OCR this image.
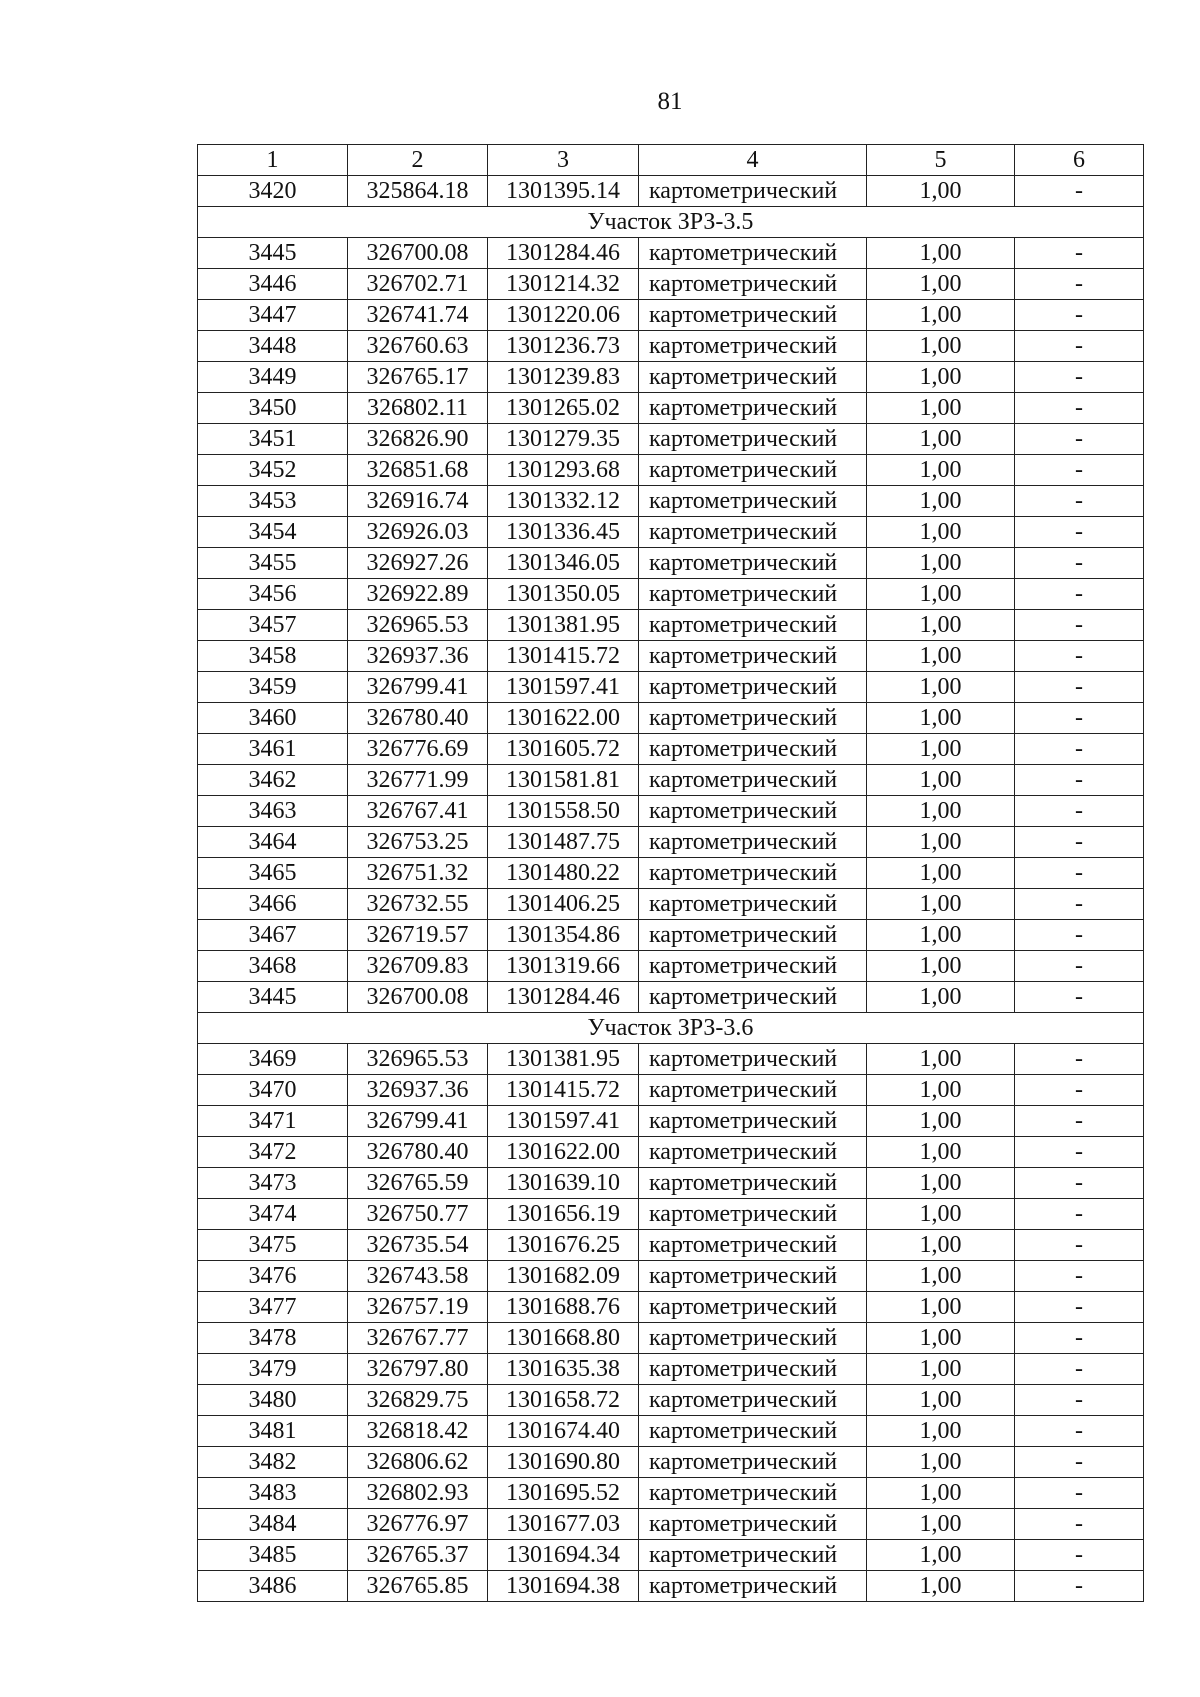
81
1	2	3	4	5	6
3420	325864.18	1301395.14	картометрический	1,00	-
Участок ЗРЗ-3.5					
3445	326700.08	1301284.46	картометрический	1,00	-
3446	326702.71	1301214.32	картометрический	1,00	-
3447	326741.74	1301220.06	картометрический	1,00	-
3448	326760.63	1301236.73	картометрический	1,00	-
3449	326765.17	1301239.83	картометрический	1,00	-
3450	326802.11	1301265.02	картометрический	1,00	-
3451	326826.90	1301279.35	картометрический	1,00	-
3452	326851.68	1301293.68	картометрический	1,00	-
3453	326916.74	1301332.12	картометрический	1,00	-
3454	326926.03	1301336.45	картометрический	1,00	-
3455	326927.26	1301346.05	картометрический	1,00	-
3456	326922.89	1301350.05	картометрический	1,00	-
3457	326965.53	1301381.95	картометрический	1,00	-
3458	326937.36	1301415.72	картометрический	1,00	-
3459	326799.41	1301597.41	картометрический	1,00	-
3460	326780.40	1301622.00	картометрический	1,00	-
3461	326776.69	1301605.72	картометрический	1,00	-
3462	326771.99	1301581.81	картометрический	1,00	-
3463	326767.41	1301558.50	картометрический	1,00	-
3464	326753.25	1301487.75	картометрический	1,00	-
3465	326751.32	1301480.22	картометрический	1,00	-
3466	326732.55	1301406.25	картометрический	1,00	-
3467	326719.57	1301354.86	картометрический	1,00	-
3468	326709.83	1301319.66	картометрический	1,00	-
3445	326700.08	1301284.46	картометрический	1,00	-
Участок ЗРЗ-3.6					
3469	326965.53	1301381.95	картометрический	1,00	-
3470	326937.36	1301415.72	картометрический	1,00	-
3471	326799.41	1301597.41	картометрический	1,00	-
3472	326780.40	1301622.00	картометрический	1,00	-
3473	326765.59	1301639.10	картометрический	1,00	-
3474	326750.77	1301656.19	картометрический	1,00	-
3475	326735.54	1301676.25	картометрический	1,00	-
3476	326743.58	1301682.09	картометрический	1,00	-
3477	326757.19	1301688.76	картометрический	1,00	-
3478	326767.77	1301668.80	картометрический	1,00	-
3479	326797.80	1301635.38	картометрический	1,00	-
3480	326829.75	1301658.72	картометрический	1,00	-
3481	326818.42	1301674.40	картометрический	1,00	-
3482	326806.62	1301690.80	картометрический	1,00	-
3483	326802.93	1301695.52	картометрический	1,00	-
3484	326776.97	1301677.03	картометрический	1,00	-
3485	326765.37	1301694.34	картометрический	1,00	-
3486	326765.85	1301694.38	картометрический	1,00	-
